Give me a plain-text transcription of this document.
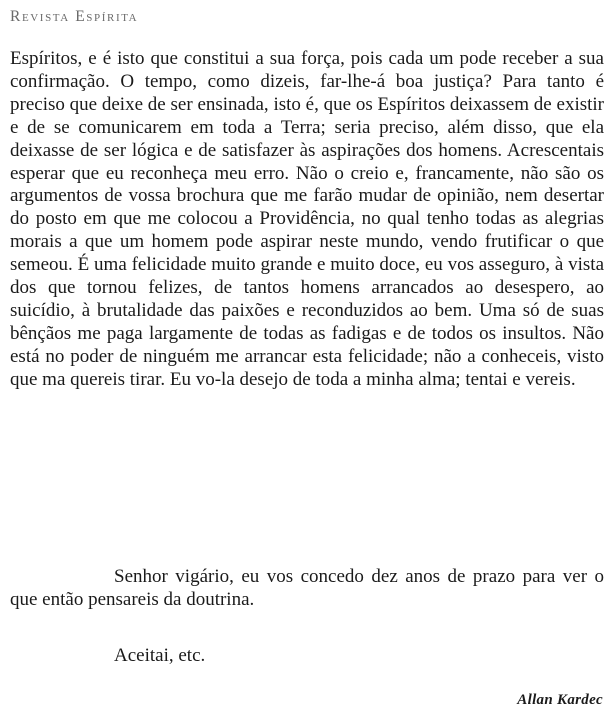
Revista Espírita

Espíritos, e é isto que constitui a sua força, pois cada um pode receber a sua confirmação. O tempo, como dizeis, far-lhe-á boa justiça? Para tanto é preciso que deixe de ser ensinada, isto é, que os Espíritos deixassem de existir e de se comunicarem em toda a Terra; seria preciso, além disso, que ela deixasse de ser lógica e de satisfazer às aspirações dos homens. Acrescentais esperar que eu reconheça meu erro. Não o creio e, francamente, não são os argumentos de vossa brochura que me farão mudar de opinião, nem desertar do posto em que me colocou a Providência, no qual tenho todas as alegrias morais a que um homem pode aspirar neste mundo, vendo frutificar o que semeou. É uma felicidade muito grande e muito doce, eu vos asseguro, à vista dos que tornou felizes, de tantos homens arrancados ao desespero, ao suicídio, à brutalidade das paixões e reconduzidos ao bem. Uma só de suas bênçãos me paga largamente de todas as fadigas e de todos os insultos. Não está no poder de ninguém me arrancar esta felicidade; não a conheceis, visto que ma quereis tirar. Eu vo-la desejo de toda a minha alma; tentai e vereis.

Senhor vigário, eu vos concedo dez anos de prazo para ver o que então pensareis da doutrina.

Aceitai, etc.

Allan Kardec
